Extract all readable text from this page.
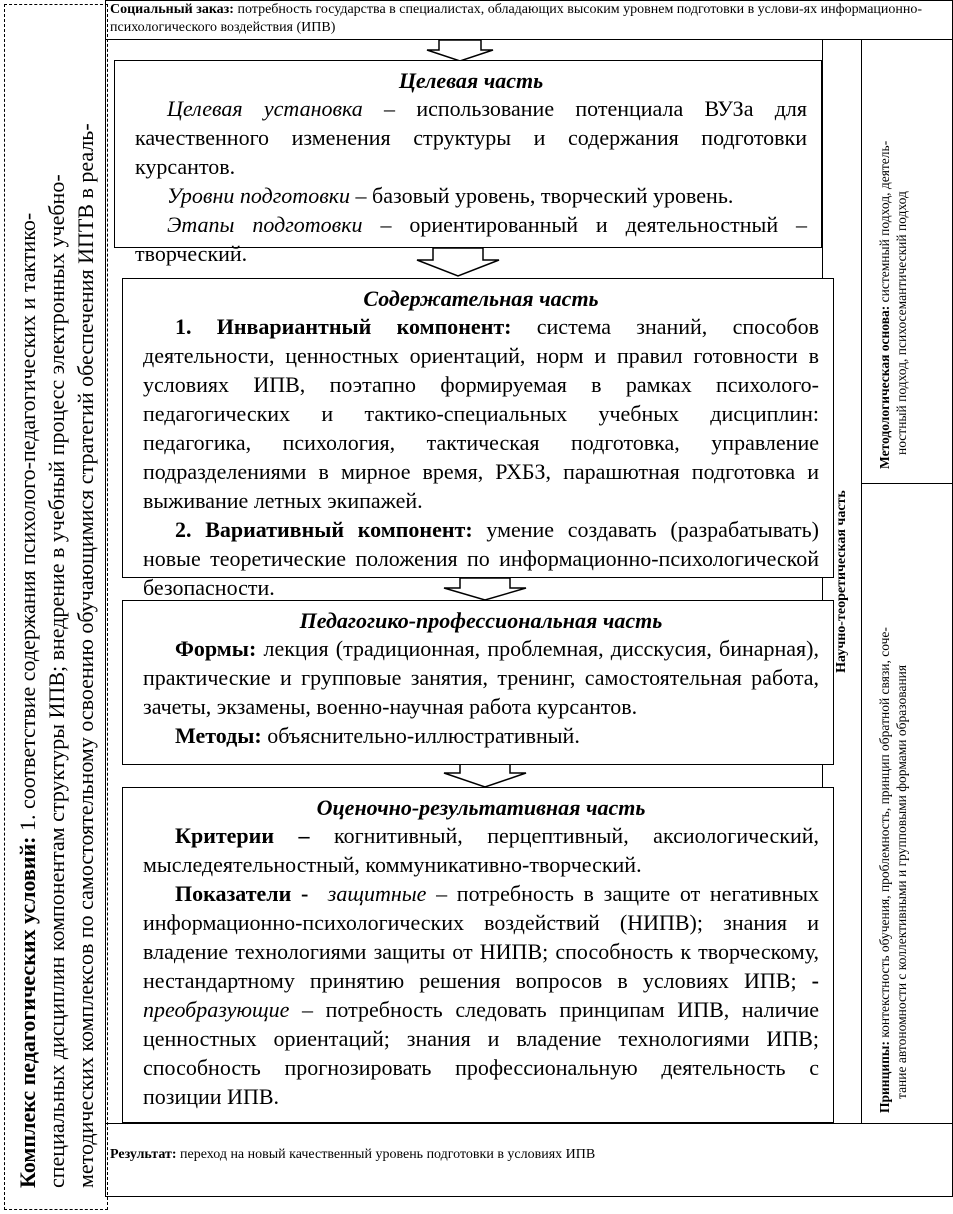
Комплекс педагогических условий: 1. соответствие содержания психолого-педагогических и тактико- специальных дисциплин компонентам структуры ИПВ; внедрение в учебный процесс электронных учебно- методических комплексов по самостоятельному освоению обучающимися стратегий обеспечения ИПТВ в реаль-
Социальный заказ: потребность государства в специалистах, обладающих высоким уровнем подготовки в услови-ях информационно-психологического воздействия (ИПВ)
Результат: переход на новый качественный уровень подготовки в условиях ИПВ
Научно-теоретическая часть
Методологическая основа: системный подход, деятель- ностный подход, психосемантический подход
Принципы: контекстность обучения, проблемность, принцип обратной связи, соче- тание автономности с коллективными и групповыми формами образования
Целевая часть

Целевая установка – использование потенциала ВУЗа для качественного изменения структуры и содержания подготовки курсантов.

Уровни подготовки – базовый уровень, творческий уровень.

Этапы подготовки – ориентированный и деятельностный – творческий.

Содержательная часть

1. Инвариантный компонент: система знаний, способов деятельности, ценностных ориентаций, норм и правил готовности в условиях ИПВ, поэтапно формируемая в рамках психолого-педагогических и тактико-специальных учебных дисциплин: педагогика, психология, тактическая подготовка, управление подразделениями в мирное время, РХБЗ, парашютная подготовка и выживание летных экипажей.

2. Вариативный компонент: умение создавать (разрабатывать) новые теоретические положения по информационно-психологической безопасности.

Педагогико-профессиональная часть

Формы: лекция (традиционная, проблемная, дисскусия, бинарная), практические и групповые занятия, тренинг, самостоятельная работа, зачеты, экзамены, военно-научная работа курсантов.

Методы: объяснительно-иллюстративный.

Оценочно-результативная часть

Критерии – когнитивный, перцептивный, аксиологический, мыследеятельностный, коммуникативно-творческий.

Показатели - защитные – потребность в защите от негативных информационно-психологических воздействий (НИПВ); знания и владение технологиями защиты от НИПВ; способность к творческому, нестандартному принятию решения вопросов в условиях ИПВ; - преобразующие – потребность следовать принципам ИПВ, наличие ценностных ориентаций; знания и владение технологиями ИПВ; способность прогнозировать профессиональную деятельность с позиции ИПВ.
